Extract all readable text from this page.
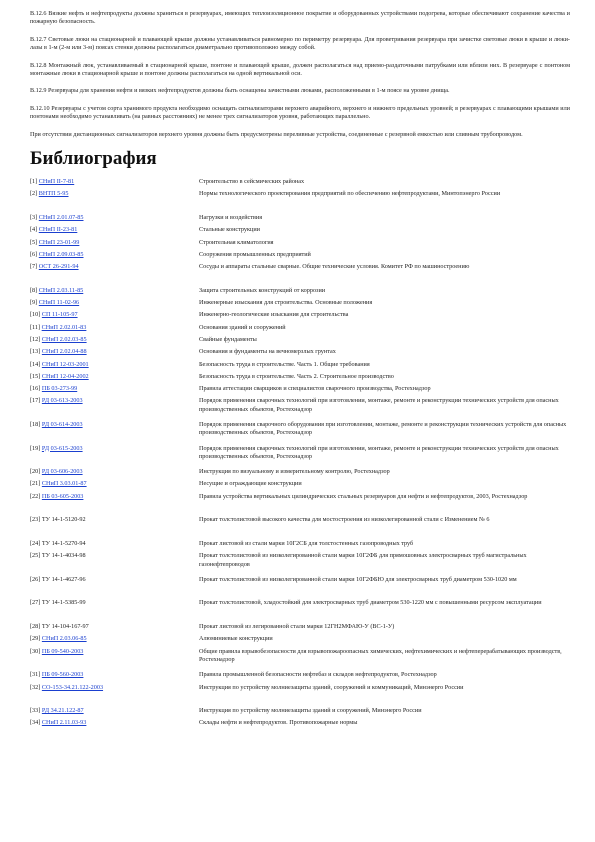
В.12.6 Вязкие нефть и нефтепродукты должны храниться в резервуарах, имеющих теплоизоляционное покрытие и оборудованных устройствами подогрева, которые обеспечивают сохранение качества и пожарную безопасность.

В.12.7 Световые люки на стационарной и плавающей крыше должны устанавливаться равномерно по периметру резервуара. Для проветривания резервуара при зачистке световые люки в крыше и люки-лазы в 1-м (2-м или 3-м) поясах стенки должны располагаться диаметрально противоположно между собой.

В.12.8 Монтажный люк, устанавливаемый в стационарной крыше, понтоне и плавающей крыше, должен располагаться над приемо-раздаточными патрубками или вблизи них. В резервуаре с понтоном монтажные люки в стационарной крыше и понтоне должны располагаться на одной вертикальной оси.

В.12.9 Резервуары для хранения нефти и вязких нефтепродуктов должны быть оснащены зачистными люками, расположенными в 1-м поясе на уровне днища.

В.12.10 Резервуары с учетом сорта хранимого продукта необходимо оснащать сигнализаторами верхнего аварийного, верхнего и нижнего предельных уровней; в резервуарах с плавающими крышами или понтонами необходимо устанавливать (на равных расстояниях) не менее трех сигнализаторов уровня, работающих параллельно.

При отсутствии дистанционных сигнализаторов верхнего уровня должны быть предусмотрены переливные устройства, соединенные с резервной емкостью или сливным трубопроводом.

Библиография
[1] СНиП II-7-81	Строительство в сейсмических районах
[2] ВНТП 5-95	Нормы технологического проектирования предприятий по обеспечению нефтепродуктами, Минтопэнерго России
[3] СНиП 2.01.07-85	Нагрузки и воздействия
[4] СНиП II-23-81	Стальные конструкции
[5] СНиП 23-01-99	Строительная климатология
[6] СНиП 2.09.03-85	Сооружения промышленных предприятий
[7] ОСТ 26-291-94	Сосуды и аппараты стальные сварные. Общие технические условия. Комитет РФ по машиностроению
[8] СНиП 2.03.11-85	Защита строительных конструкций от коррозии
[9] СНиП 11-02-96	Инженерные изыскания для строительства. Основные положения
[10] СП 11-105-97	Инженерно-геологические изыскания для строительства
[11] СНиП 2.02.01-83	Основания зданий и сооружений
[12] СНиП 2.02.03-85	Свайные фундаменты
[13] СНиП 2.02.04-88	Основания и фундаменты на вечномерзлых грунтах
[14] СНиП 12-03-2001	Безопасность труда в строительстве. Часть 1. Общие требования
[15] СНиП 12-04-2002	Безопасность труда в строительстве. Часть 2. Строительное производство
[16] ПБ 03-273-99	Правила аттестации сварщиков и специалистов сварочного производства, Ростехнадзор
[17] РД 03-613-2003	Порядок применения сварочных технологий при изготовлении, монтаже, ремонте и реконструкции технических устройств для опасных производственных объектов, Ростехнадзор
[18] РД 03-614-2003	Порядок применения сварочного оборудования при изготовлении, монтаже, ремонте и реконструкции технических устройств для опасных производственных объектов, Ростехнадзор
[19] РД 03-615-2003	Порядок применения сварочных технологий при изготовлении, монтаже, ремонте и реконструкции технических устройств для опасных производственных объектов, Ростехнадзор
[20] РД 03-606-2003	Инструкция по визуальному и измерительному контролю, Ростехнадзор
[21] СНиП 3.03.01-87	Несущие и ограждающие конструкции
[22] ПБ 03-605-2003	Правила устройства вертикальных цилиндрических стальных резервуаров для нефти и нефтепродуктов, 2003, Ростехнадзор
[23] ТУ 14-1-5120-92	Прокат толстолистовой высокого качества для мостостроения из низколегированной стали с Изменением № 6
[24] ТУ 14-1-5270-94	Прокат листовой из стали марки 10Г2СБ для толстостенных газопроводных труб
[25] ТУ 14-1-4034-98	Прокат толстолистовой из низколегированной стали марки 10Г2ФБ для прямошовных электросварных труб магистральных газонефтепроводов
[26] ТУ 14-1-4627-96	Прокат толстолистовой из низколегированной стали марки 10Г2ФБЮ для электросварных труб диаметром 530-1020 мм
[27] ТУ 14-1-5385-99	Прокат толстолистовой, хладостойкий для электросварных труб диаметром 530-1220 мм с повышенными ресурсом эксплуатации
[28] ТУ 14-104-167-97	Прокат листовой из легированной стали марки 12ГН2МФАЮ-У (ВС-1-У)
[29] СНиП 2.03.06-85	Алюминиевые конструкции
[30] ПБ 09-540-2003	Общие правила взрывобезопасности для взрывопожароопасных химических, нефтехимических и нефтеперерабатывающих производств, Ростехнадзор
[31] ПБ 09-560-2003	Правила промышленной безопасности нефтебаз и складов нефтепродуктов, Ростехнадзор
[32] СО-153-34.21.122-2003	Инструкция по устройству молниезащиты зданий, сооружений и коммуникаций, Минэнерго России
[33] РД 34.21.122-87	Инструкция по устройству молниезащиты зданий и сооружений, Минэнерго России
[34] СНиП 2.11.03-93	Склады нефти и нефтепродуктов. Противопожарные нормы
